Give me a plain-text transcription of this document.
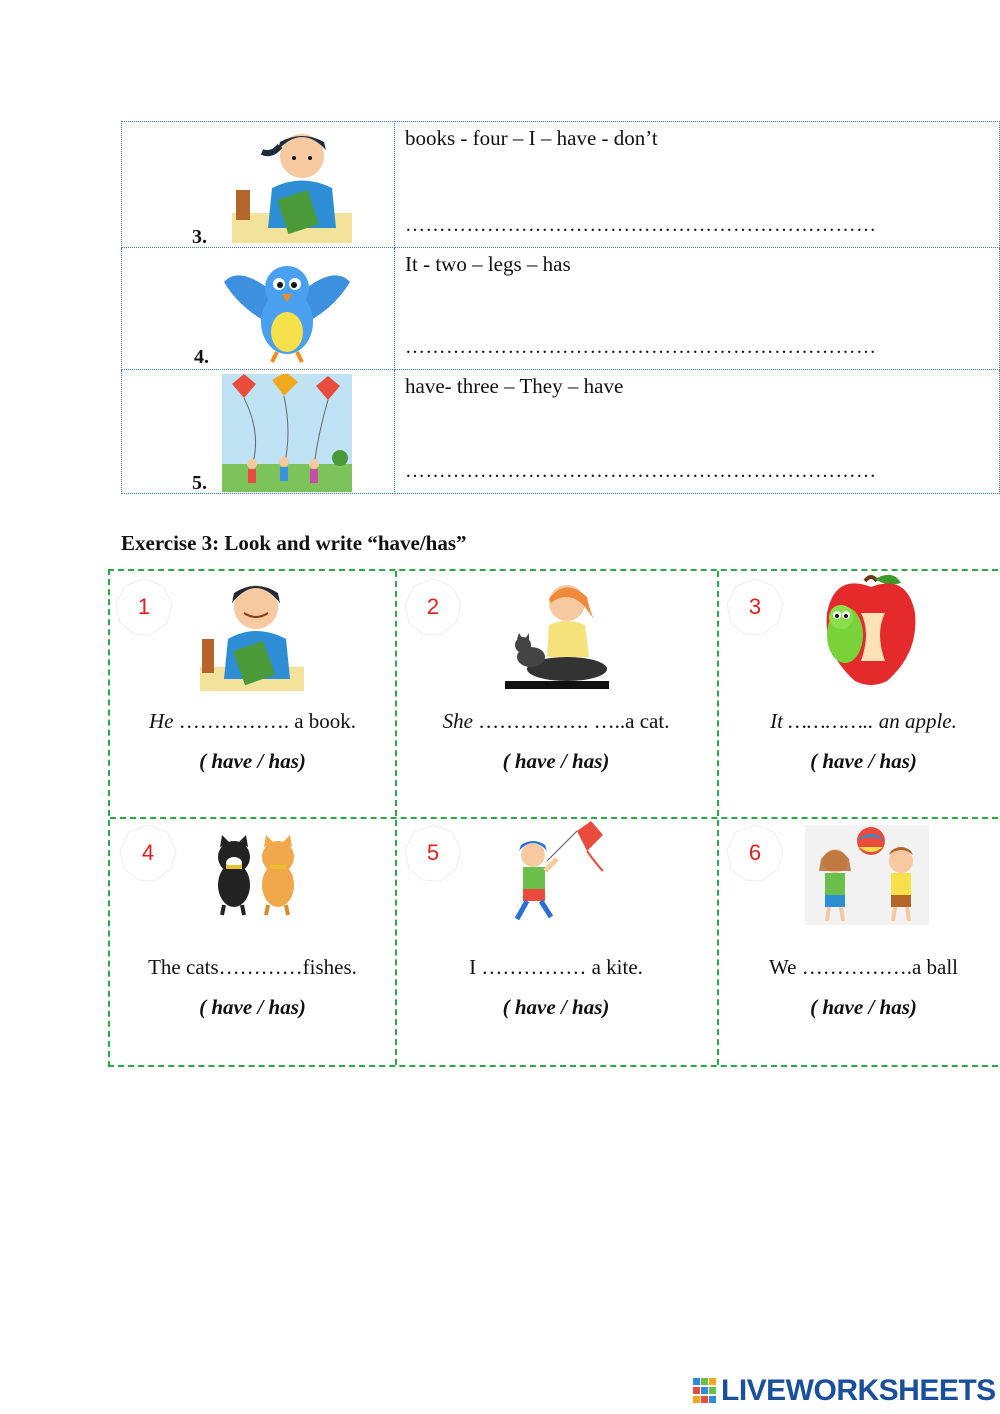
3.	books - four – I – have - don’t
……………………………………………………………

4.	It - two – legs – has
……………………………………………………………

5.	have- three – They – have
……………………………………………………………
Exercise 3: Look and write “have/has”
1
He ……………. a book.
( have / has)
2
She ……………. …..a cat.
( have / has)
3
It ………….. an apple.
( have / has)
4
The cats…………fishes.
( have / has)
5
I …………… a kite.
( have / has)
6
We …………….a ball
( have / has)
LIVEWORKSHEETS
